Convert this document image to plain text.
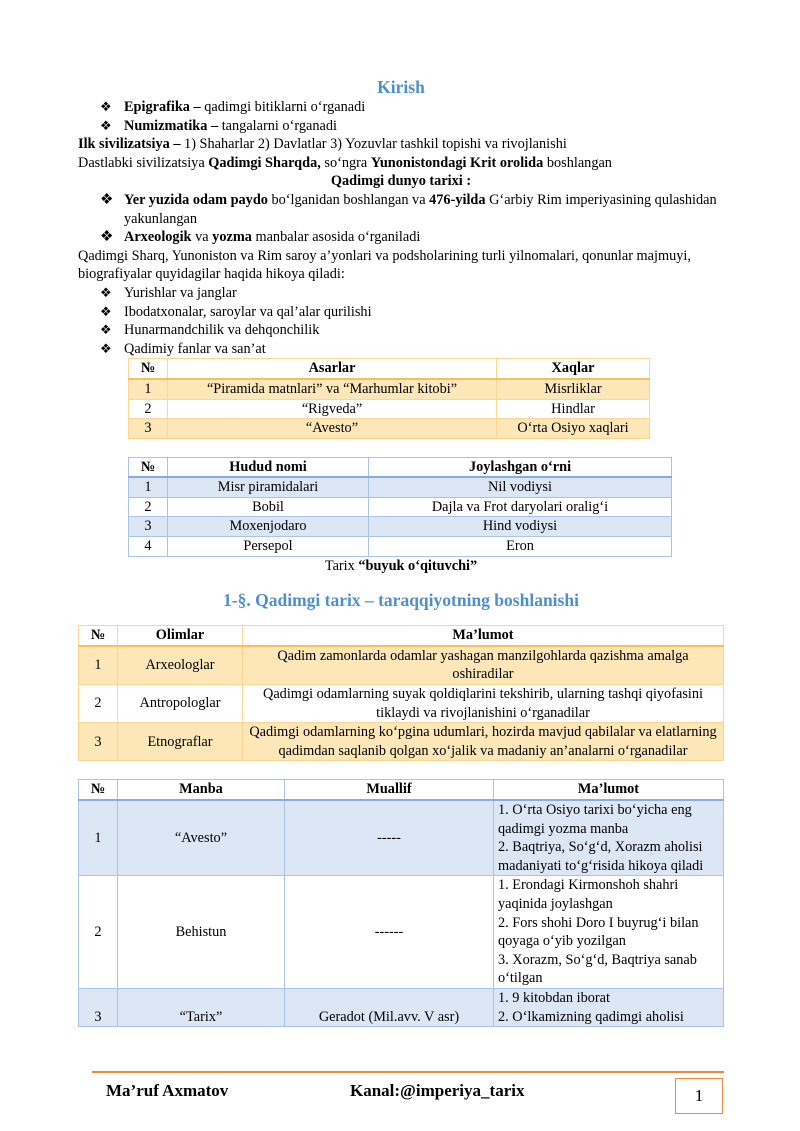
Kirish
❖ Epigrafika – qadimgi bitiklarni o‘rganadi
❖ Numizmatika – tangalarni o‘rganadi

Ilk sivilizatsiya – 1) Shaharlar 2) Davlatlar 3) Yozuvlar tashkil topishi va rivojlanishi

Dastlabki sivilizatsiya Qadimgi Sharqda, so‘ngra Yunonistondagi Krit orolida boshlangan

Qadimgi dunyo tarixi :

❖ Yer yuzida odam paydo bo‘lganidan boshlangan va 476-yilda G‘arbiy Rim imperiyasining qulashidan yakunlangan
❖ Arxeologik va yozma manbalar asosida o‘rganiladi

Qadimgi Sharq, Yunoniston va Rim saroy a’yonlari va podsholarining turli yilnomalari, qonunlar majmuyi, biografiyalar quyidagilar haqida hikoya qiladi:

❖ Yurishlar va janglar
❖ Ibodatxonalar, saroylar va qal’alar qurilishi
❖ Hunarmandchilik va dehqonchilik
❖ Qadimiy fanlar va san’at
№	Asarlar	Xaqlar
1	“Piramida matnlari” va “Marhumlar kitobi”	Misrliklar
2	“Rigveda”	Hindlar
3	“Avesto”	O‘rta Osiyo xaqlari
№	Hudud nomi	Joylashgan o‘rni
1	Misr piramidalari	Nil vodiysi
2	Bobil	Dajla va Frot daryolari oralig‘i
3	Moxenjodaro	Hind vodiysi
4	Persepol	Eron

Tarix “buyuk o‘qituvchi”

1-§. Qadimgi tarix – taraqqiyotning boshlanishi
№	Olimlar	Ma’lumot
1	Arxeologlar	Qadim zamonlarda odamlar yashagan manzilgohlarda qazishma amalga oshiradilar
2	Antropologlar	Qadimgi odamlarning suyak qoldiqlarini tekshirib, ularning tashqi qiyofasini tiklaydi va rivojlanishini o‘rganadilar
3	Etnograflar	Qadimgi odamlarning ko‘pgina udumlari, hozirda mavjud qabilalar va elatlarning qadimdan saqlanib qolgan xo‘jalik va madaniy an’analarni o‘rganadilar
№	Manba	Muallif	Ma’lumot
1	“Avesto”	-----	1. O‘rta Osiyo tarixi bo‘yicha eng qadimgi yozma manba
2. Baqtriya, So‘g‘d, Xorazm aholisi madaniyati to‘g‘risida hikoya qiladi

2	Behistun	------	1. Erondagi Kirmonshoh shahri yaqinida joylashgan
2. Fors shohi Doro I buyrug‘i bilan qoyaga o‘yib yozilgan
3. Xorazm, So‘g‘d, Baqtriya sanab o‘tilgan

3	“Tarix”	Geradot (Mil.avv. V asr)	1. 9 kitobdan iborat
2. O‘lkamizning qadimgi aholisi
Ma’ruf Axmatov	Kanal:@imperiya_tarix	1
